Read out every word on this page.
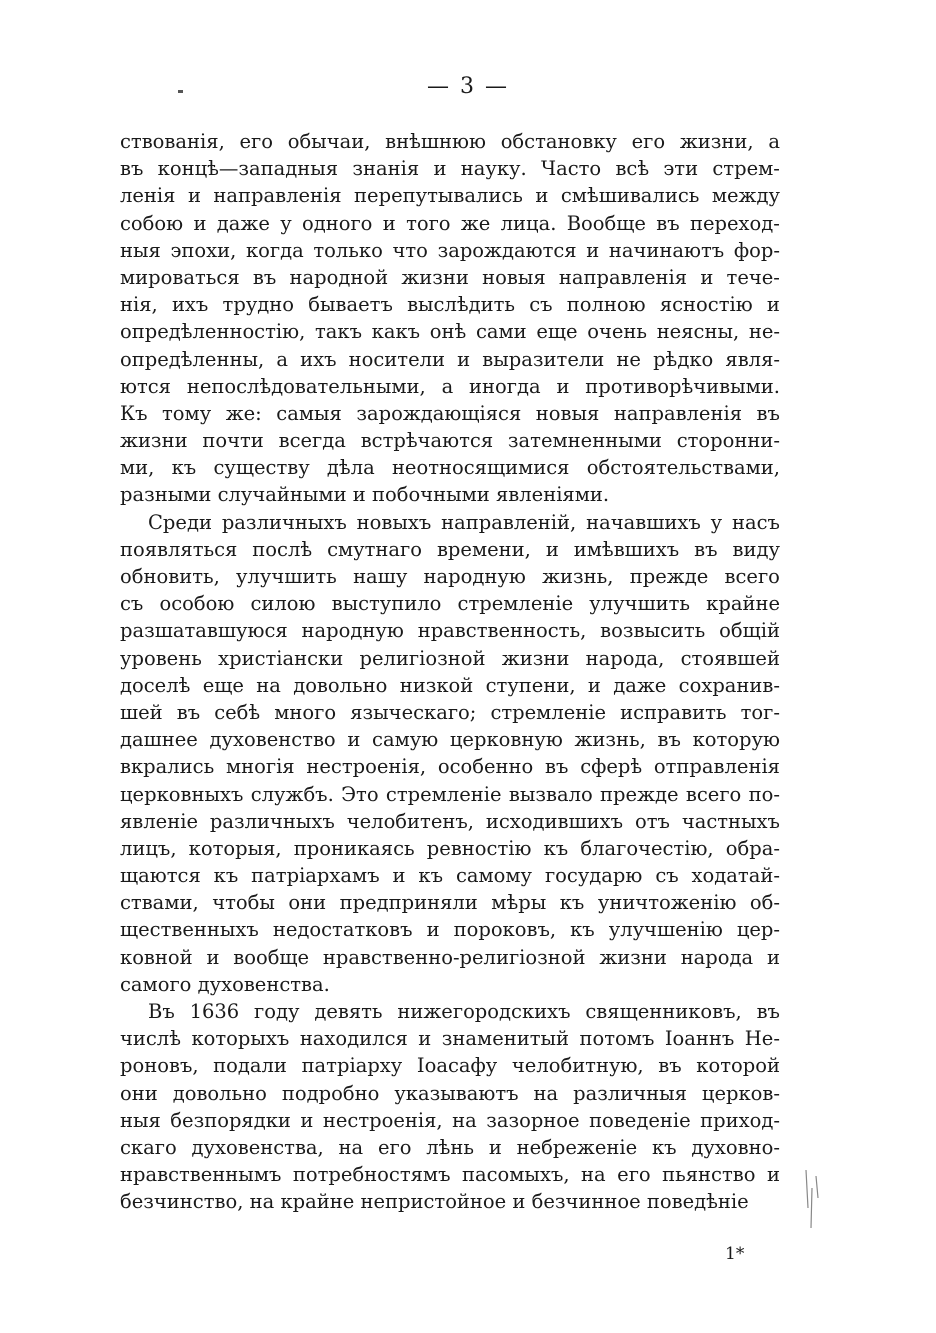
— 3 —
ствованія, его обычаи, внѣшнюю обстановку его жизни, а
въ концѣ—западныя знанія и науку. Часто всѣ эти стрем-
ленія и направленія перепутывались и смѣшивались между
собою и даже у одного и того же лица. Вообще въ переход-
ныя эпохи, когда только что зарождаются и начинаютъ фор-
мироваться въ народной жизни новыя направленія и тече-
нія, ихъ трудно бываетъ выслѣдить съ полною ясностію и
опредѣленностію, такъ какъ онѣ сами еще очень неясны, не-
опредѣленны, а ихъ носители и выразители не рѣдко явля-
ются непослѣдовательными, а иногда и противорѣчивыми.
Къ тому же: самыя зарождающіяся новыя направленія въ
жизни почти всегда встрѣчаются затемненными сторонни-
ми, къ существу дѣла неотносящимися обстоятельствами,
разными случайными и побочными явленіями.
Среди различныхъ новыхъ направленій, начавшихъ у насъ
появляться послѣ смутнаго времени, и имѣвшихъ въ виду
обновить, улучшить нашу народную жизнь, прежде всего
съ особою силою выступило стремленіе улучшить крайне
разшатавшуюся народную нравственность, возвысить общій
уровень христіански религіозной жизни народа, стоявшей
доселѣ еще на довольно низкой ступени, и даже сохранив-
шей въ себѣ много языческаго; стремленіе исправить тог-
дашнее духовенство и самую церковную жизнь, въ которую
вкрались многія нестроенія, особенно въ сферѣ отправленія
церковныхъ службъ. Это стремленіе вызвало прежде всего по-
явленіе различныхъ челобитенъ, исходившихъ отъ частныхъ
лицъ, которыя, проникаясь ревностію къ благочестію, обра-
щаются къ патріархамъ и къ самому государю съ ходатай-
ствами, чтобы они предприняли мѣры къ уничтоженію об-
щественныхъ недостатковъ и пороковъ, къ улучшенію цер-
ковной и вообще нравственно-религіозной жизни народа и
самого духовенства.
Въ 1636 году девять нижегородскихъ священниковъ, въ
числѣ которыхъ находился и знаменитый потомъ Іоаннъ Не-
роновъ, подали патріарху Іоасафу челобитную, въ которой
они довольно подробно указываютъ на различныя церков-
ныя безпорядки и нестроенія, на зазорное поведеніе приход-
скаго духовенства, на его лѣнь и небреженіе къ духовно-
нравственнымъ потребностямъ пасомыхъ, на его пьянство и
безчинство, на крайне непристойное и безчинное поведѣніе
1*
